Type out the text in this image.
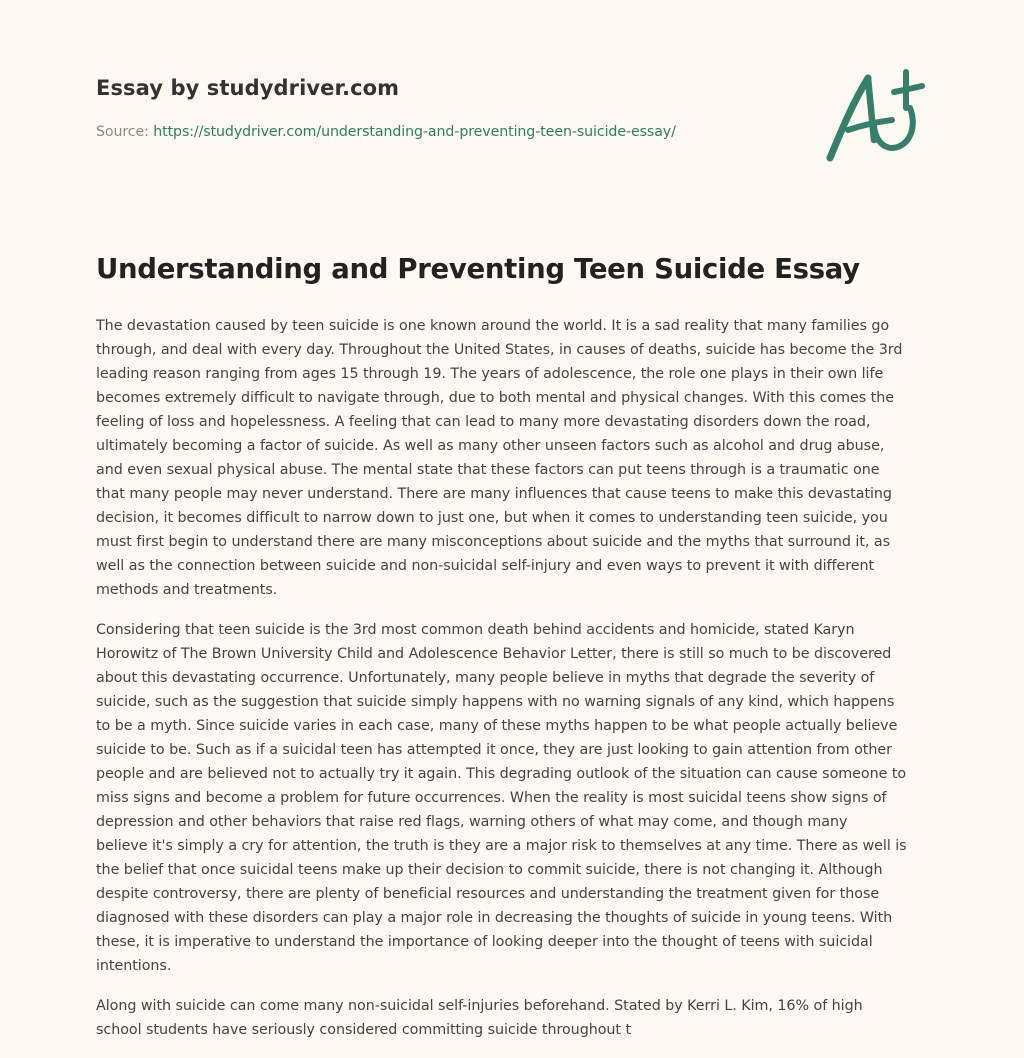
Essay by studydriver.com
Source: https://studydriver.com/understanding-and-preventing-teen-suicide-essay/
Understanding and Preventing Teen Suicide Essay

The devastation caused by teen suicide is one known around the world. It is a sad reality that many families go
through, and deal with every day. Throughout the United States, in causes of deaths, suicide has become the 3rd
leading reason ranging from ages 15 through 19. The years of adolescence, the role one plays in their own life
becomes extremely difficult to navigate through, due to both mental and physical changes. With this comes the
feeling of loss and hopelessness. A feeling that can lead to many more devastating disorders down the road,
ultimately becoming a factor of suicide. As well as many other unseen factors such as alcohol and drug abuse,
and even sexual physical abuse. The mental state that these factors can put teens through is a traumatic one
that many people may never understand. There are many influences that cause teens to make this devastating
decision, it becomes difficult to narrow down to just one, but when it comes to understanding teen suicide, you
must first begin to understand there are many misconceptions about suicide and the myths that surround it, as
well as the connection between suicide and non-suicidal self-injury and even ways to prevent it with different
methods and treatments.

Considering that teen suicide is the 3rd most common death behind accidents and homicide, stated Karyn
Horowitz of The Brown University Child and Adolescence Behavior Letter, there is still so much to be discovered
about this devastating occurrence. Unfortunately, many people believe in myths that degrade the severity of
suicide, such as the suggestion that suicide simply happens with no warning signals of any kind, which happens
to be a myth. Since suicide varies in each case, many of these myths happen to be what people actually believe
suicide to be. Such as if a suicidal teen has attempted it once, they are just looking to gain attention from other
people and are believed not to actually try it again. This degrading outlook of the situation can cause someone to
miss signs and become a problem for future occurrences. When the reality is most suicidal teens show signs of
depression and other behaviors that raise red flags, warning others of what may come, and though many
believe it's simply a cry for attention, the truth is they are a major risk to themselves at any time. There as well is
the belief that once suicidal teens make up their decision to commit suicide, there is not changing it. Although
despite controversy, there are plenty of beneficial resources and understanding the treatment given for those
diagnosed with these disorders can play a major role in decreasing the thoughts of suicide in young teens. With
these, it is imperative to understand the importance of looking deeper into the thought of teens with suicidal
intentions.

Along with suicide can come many non-suicidal self-injuries beforehand. Stated by Kerri L. Kim, 16% of high
school students have seriously considered committing suicide throughout t
